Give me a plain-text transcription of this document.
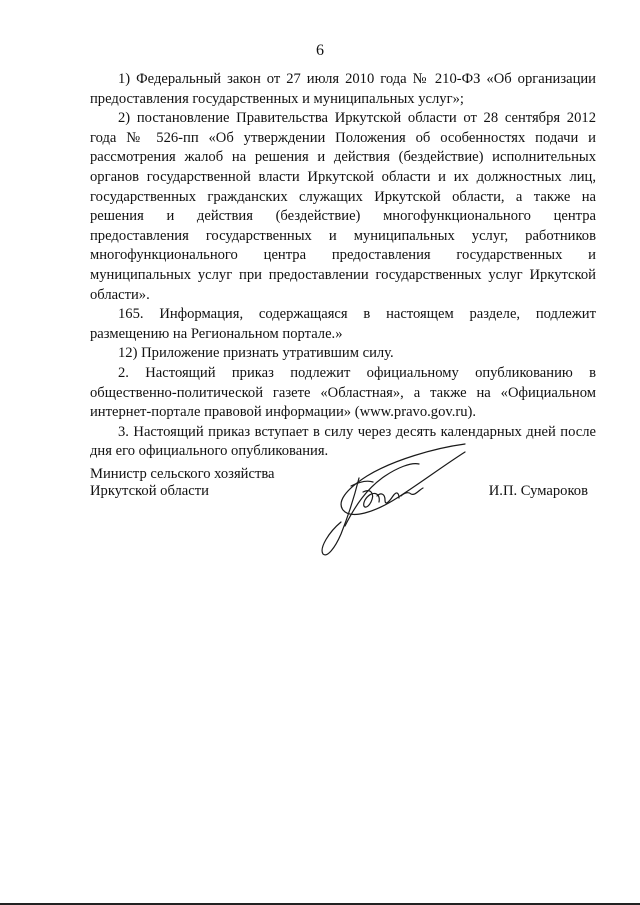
6

1) Федеральный закон от 27 июля 2010 года № 210-ФЗ «Об организации предоставления государственных и муниципальных услуг»;

2) постановление Правительства Иркутской области от 28 сентября 2012 года № 526-пп «Об утверждении Положения об особенностях подачи и рассмотрения жалоб на решения и действия (бездействие) исполнительных органов государственной власти Иркутской области и их должностных лиц, государственных гражданских служащих Иркутской области, а также на решения и действия (бездействие) многофункционального центра предоставления государственных и муниципальных услуг, работников многофункционального центра предоставления государственных и муниципальных услуг при предоставлении государственных услуг Иркутской области».

165. Информация, содержащаяся в настоящем разделе, подлежит размещению на Региональном портале.»

12) Приложение признать утратившим силу.

2. Настоящий приказ подлежит официальному опубликованию в общественно-политической газете «Областная», а также на «Официальном интернет-портале правовой информации» (www.pravo.gov.ru).

3. Настоящий приказ вступает в силу через десять календарных дней после дня его официального опубликования.

Министр сельского хозяйства
Иркутской области	И.П. Сумароков
